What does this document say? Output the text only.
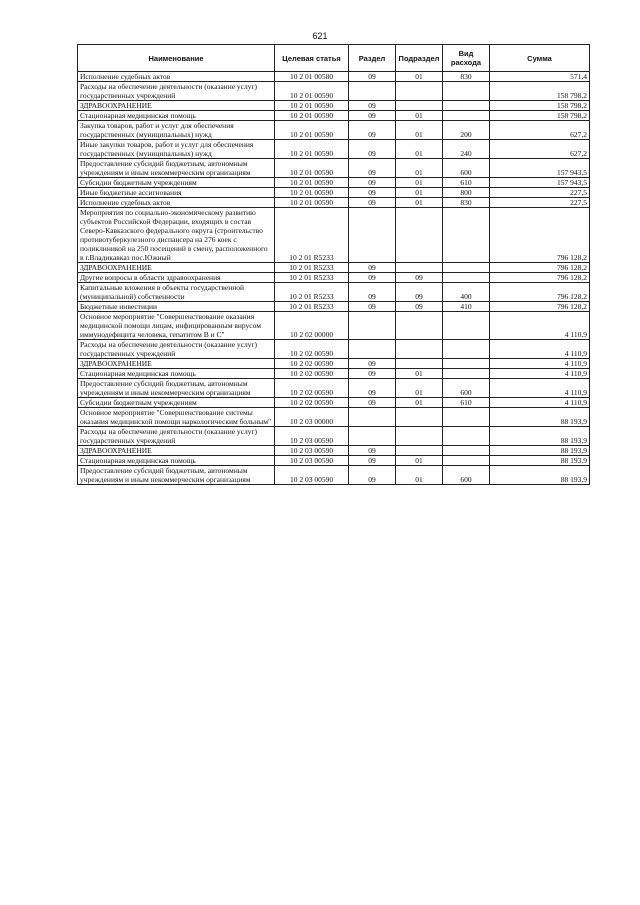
621
Наименование	Целевая статья	Раздел	Подраздел	Вид расхода	Сумма

Исполнение судебных актов	10 2 01 00580	09	01	830	571,4

Расходы на обеспечение деятельности (оказание услуг) государственных учреждений	10 2 01 00590				158 798,2

ЗДРАВООХРАНЕНИЕ	10 2 01 00590	09			158 798,2

Стационарная медицинская помощь	10 2 01 00590	09	01		158 798,2

Закупка товаров, работ и услуг для обеспечения государственных (муниципальных) нужд	10 2 01 00590	09	01	200	627,2

Иные закупки товаров, работ и услуг для обеспечения государственных (муниципальных) нужд	10 2 01 00590	09	01	240	627,2

Предоставление субсидий бюджетным, автономным учреждениям и иным некоммерческим организациям	10 2 01 00590	09	01	600	157 943,5

Субсидии бюджетным учреждениям	10 2 01 00590	09	01	610	157 943,5

Иные бюджетные ассигнования	10 2 01 00590	09	01	800	227,5

Исполнение судебных актов	10 2 01 00590	09	01	830	227,5

Мероприятия по социально-экономическому развитию субъектов Российской Федерации, входящих в состав Северо-Кавказского федерального округа (строительство противотуберкулезного диспансера на 276 коек с поликлиникой на 250 посещений в смену, расположенного в г.Владикавказ пос.Южный	10 2 01 R5233				796 128,2

ЗДРАВООХРАНЕНИЕ	10 2 01 R5233	09			796 128,2

Другие вопросы в области здравоохранения	10 2 01 R5233	09	09		796 128,2

Капитальные вложения в объекты государственной (муниципальной) собственности	10 2 01 R5233	09	09	400	796 128,2

Бюджетные инвестиции	10 2 01 R5233	09	09	410	796 128,2

Основное мероприятие "Совершенствование оказания медицинской помощи лицам, инфицированным вирусом иммунодефицита человека, гепатитом В и С"	10 2 02 00000				4 110,9

Расходы на обеспечение деятельности (оказание услуг) государственных учреждений	10 2 02 00590				4 110,9

ЗДРАВООХРАНЕНИЕ	10 2 02 00590	09			4 110,9

Стационарная медицинская помощь	10 2 02 00590	09	01		4 110,9

Предоставление субсидий бюджетным, автономным учреждениям и иным некоммерческим организациям	10 2 02 00590	09	01	600	4 110,9

Субсидии бюджетным учреждениям	10 2 02 00590	09	01	610	4 110,9

Основное мероприятие "Совершенствование системы оказания медицинской помощи наркологическим больным"	10 2 03 00000				88 193,9

Расходы на обеспечение деятельности (оказание услуг) государственных учреждений	10 2 03 00590				88 193,9

ЗДРАВООХРАНЕНИЕ	10 2 03 00590	09			88 193,9

Стационарная медицинская помощь	10 2 03 00590	09	01		88 193,9

Предоставление субсидий бюджетным, автономным учреждениям и иным некоммерческим организациям	10 2 03 00590	09	01	600	88 193,9
